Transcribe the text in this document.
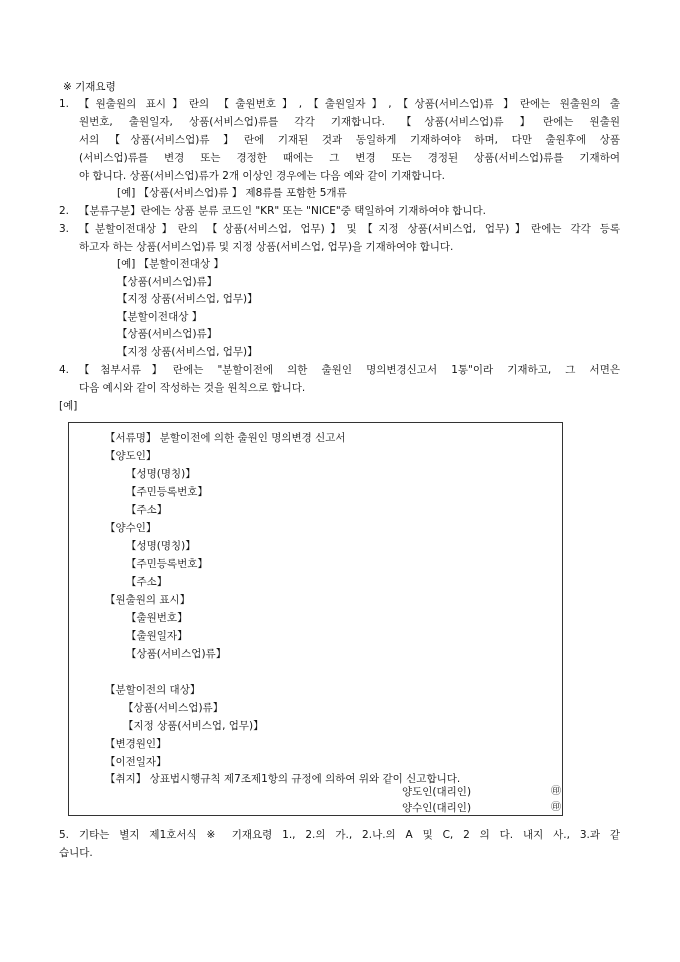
※ 기재요령
1. 【원출원의 표시】란의 【출원번호】,【출원일자】,【상품(서비스업)류 】란에는 원출원의 출
원번호, 출원일자, 상품(서비스업)류를 각각 기재합니다. 【상품(서비스업)류 】란에는 원출원
서의【상품(서비스업)류 】란에 기재된 것과 동일하게 기재하여야 하며, 다만 출원후에 상품
(서비스업)류를 변경 또는 경정한 때에는 그 변경 또는 경정된 상품(서비스업)류를 기재하여
야 합니다. 상품(서비스업)류가 2개 이상인 경우에는 다음 예와 같이 기재합니다.
[예] 【상품(서비스업)류 】 제8류를 포함한 5개류
2. 【분류구분】란에는 상품 분류 코드인 "KR" 또는 "NICE"중 택일하여 기재하여야 합니다.
3. 【분할이전대상】란의 【상품(서비스업, 업무)】및【지정 상품(서비스업, 업무)】란에는 각각 등록
하고자 하는 상품(서비스업)류 및 지정 상품(서비스업, 업무)을 기재하여야 합니다.
[예] 【분할이전대상 】
【상품(서비스업)류】
【지정 상품(서비스업, 업무)】
【분할이전대상 】
【상품(서비스업)류】
【지정 상품(서비스업, 업무)】
4. 【첨부서류】란에는 "분할이전에 의한 출원인 명의변경신고서 1통"이라 기재하고, 그 서면은
다음 예시와 같이 작성하는 것을 원칙으로 합니다.
[예]
【서류명】 분할이전에 의한 출원인 명의변경 신고서
【양도인】
【성명(명칭)】
【주민등록번호】
【주소】
【양수인】
【성명(명칭)】
【주민등록번호】
【주소】
【원출원의 표시】
【출원번호】
【출원일자】
【상품(서비스업)류】
【분할이전의 대상】
【상품(서비스업)류】
【지정 상품(서비스업, 업무)】
【변경원인】
【이전일자】
【취지】 상표법시행규칙 제7조제1항의 규정에 의하여 위와 같이 신고합니다.
양도인(대리인)	㊞
양수인(대리인)	㊞
5. 기타는 별지 제1호서식 ※ 기재요령 1., 2.의 가., 2.나.의 A 및 C, 2 의 다. 내지 사., 3.과 같
습니다.
